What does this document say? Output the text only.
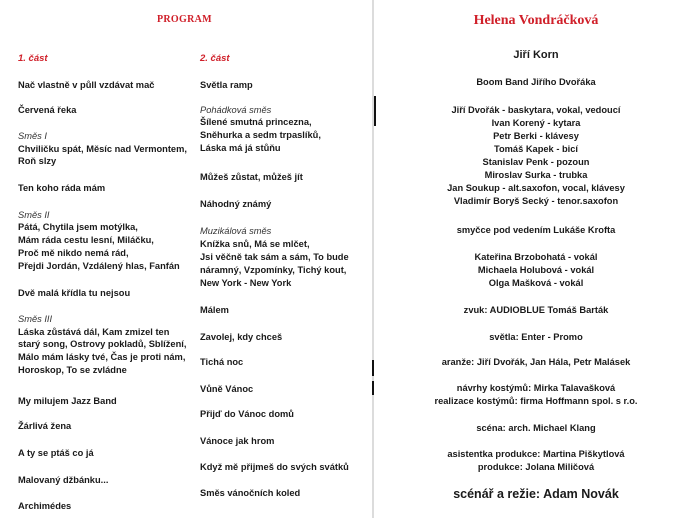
PROGRAM
1. část	2. část
Nač vlastně v půll vzdávat mač
Červená řeka
Směs I
Chviličku spát, Měsíc nad Vermontem,
Roň slzy
Ten koho ráda mám
Směs II
Pátá, Chytila jsem motýlka,
Mám ráda cestu lesní, Miláčku,
Proč mě nikdo nemá rád,
Přejdi Jordán, Vzdálený hlas, Fanfán
Dvě malá křídla tu nejsou
Směs III
Láska zůstává dál, Kam zmizel ten
starý song, Ostrovy pokladů, Sblížení,
Málo mám lásky tvé, Čas je proti nám,
Horoskop, To se zvládne
My milujem Jazz Band
Žárlivá žena
A ty se ptáš co já
Malovaný džbánku...
Archimédes
Světla ramp
Pohádková směs
Šílené smutná princezna,
Sněhurka a sedm trpaslíků,
Láska má já stůňu
Můžeš zůstat, můžeš jít
Náhodný známý
Muzikálová směs
Knížka snů, Má se mlčet,
Jsi věčně tak sám a sám, To bude
náramný, Vzpomínky, Tichý kout,
New York - New York
Málem
Zavolej, kdy chceš
Tichá noc
Vůně Vánoc
Přijď do Vánoc domů
Vánoce jak hrom
Když mě přijmeš do svých svátků
Směs vánočních koled
Helena Vondráčková
Jiří Korn
Boom Band Jiřího Dvořáka
Jiří Dvořák - baskytara, vokal, vedoucí
Ivan Korený - kytara
Petr Berki - klávesy
Tomáš Kapek - bicí
Stanislav Penk - pozoun
Miroslav Surka - trubka
Jan Soukup - alt.saxofon, vocal, klávesy
Vladimír Boryš Secký - tenor.saxofon
smyčce pod vedením Lukáše Krofta
Kateřina Brzobohatá - vokál
Michaela Holubová - vokál
Olga Mašková - vokál
zvuk: AUDIOBLUE Tomáš Barták
světla: Enter - Promo
aranže: Jiří Dvořák, Jan Hála, Petr Malásek
návrhy kostýmů: Mirka Talavašková
realizace kostýmů: firma Hoffmann spol. s r.o.
scéna: arch. Michael Klang
asistentka produkce: Martina Piškytlová
produkce: Jolana Miličová
scénář a režie: Adam Novák
